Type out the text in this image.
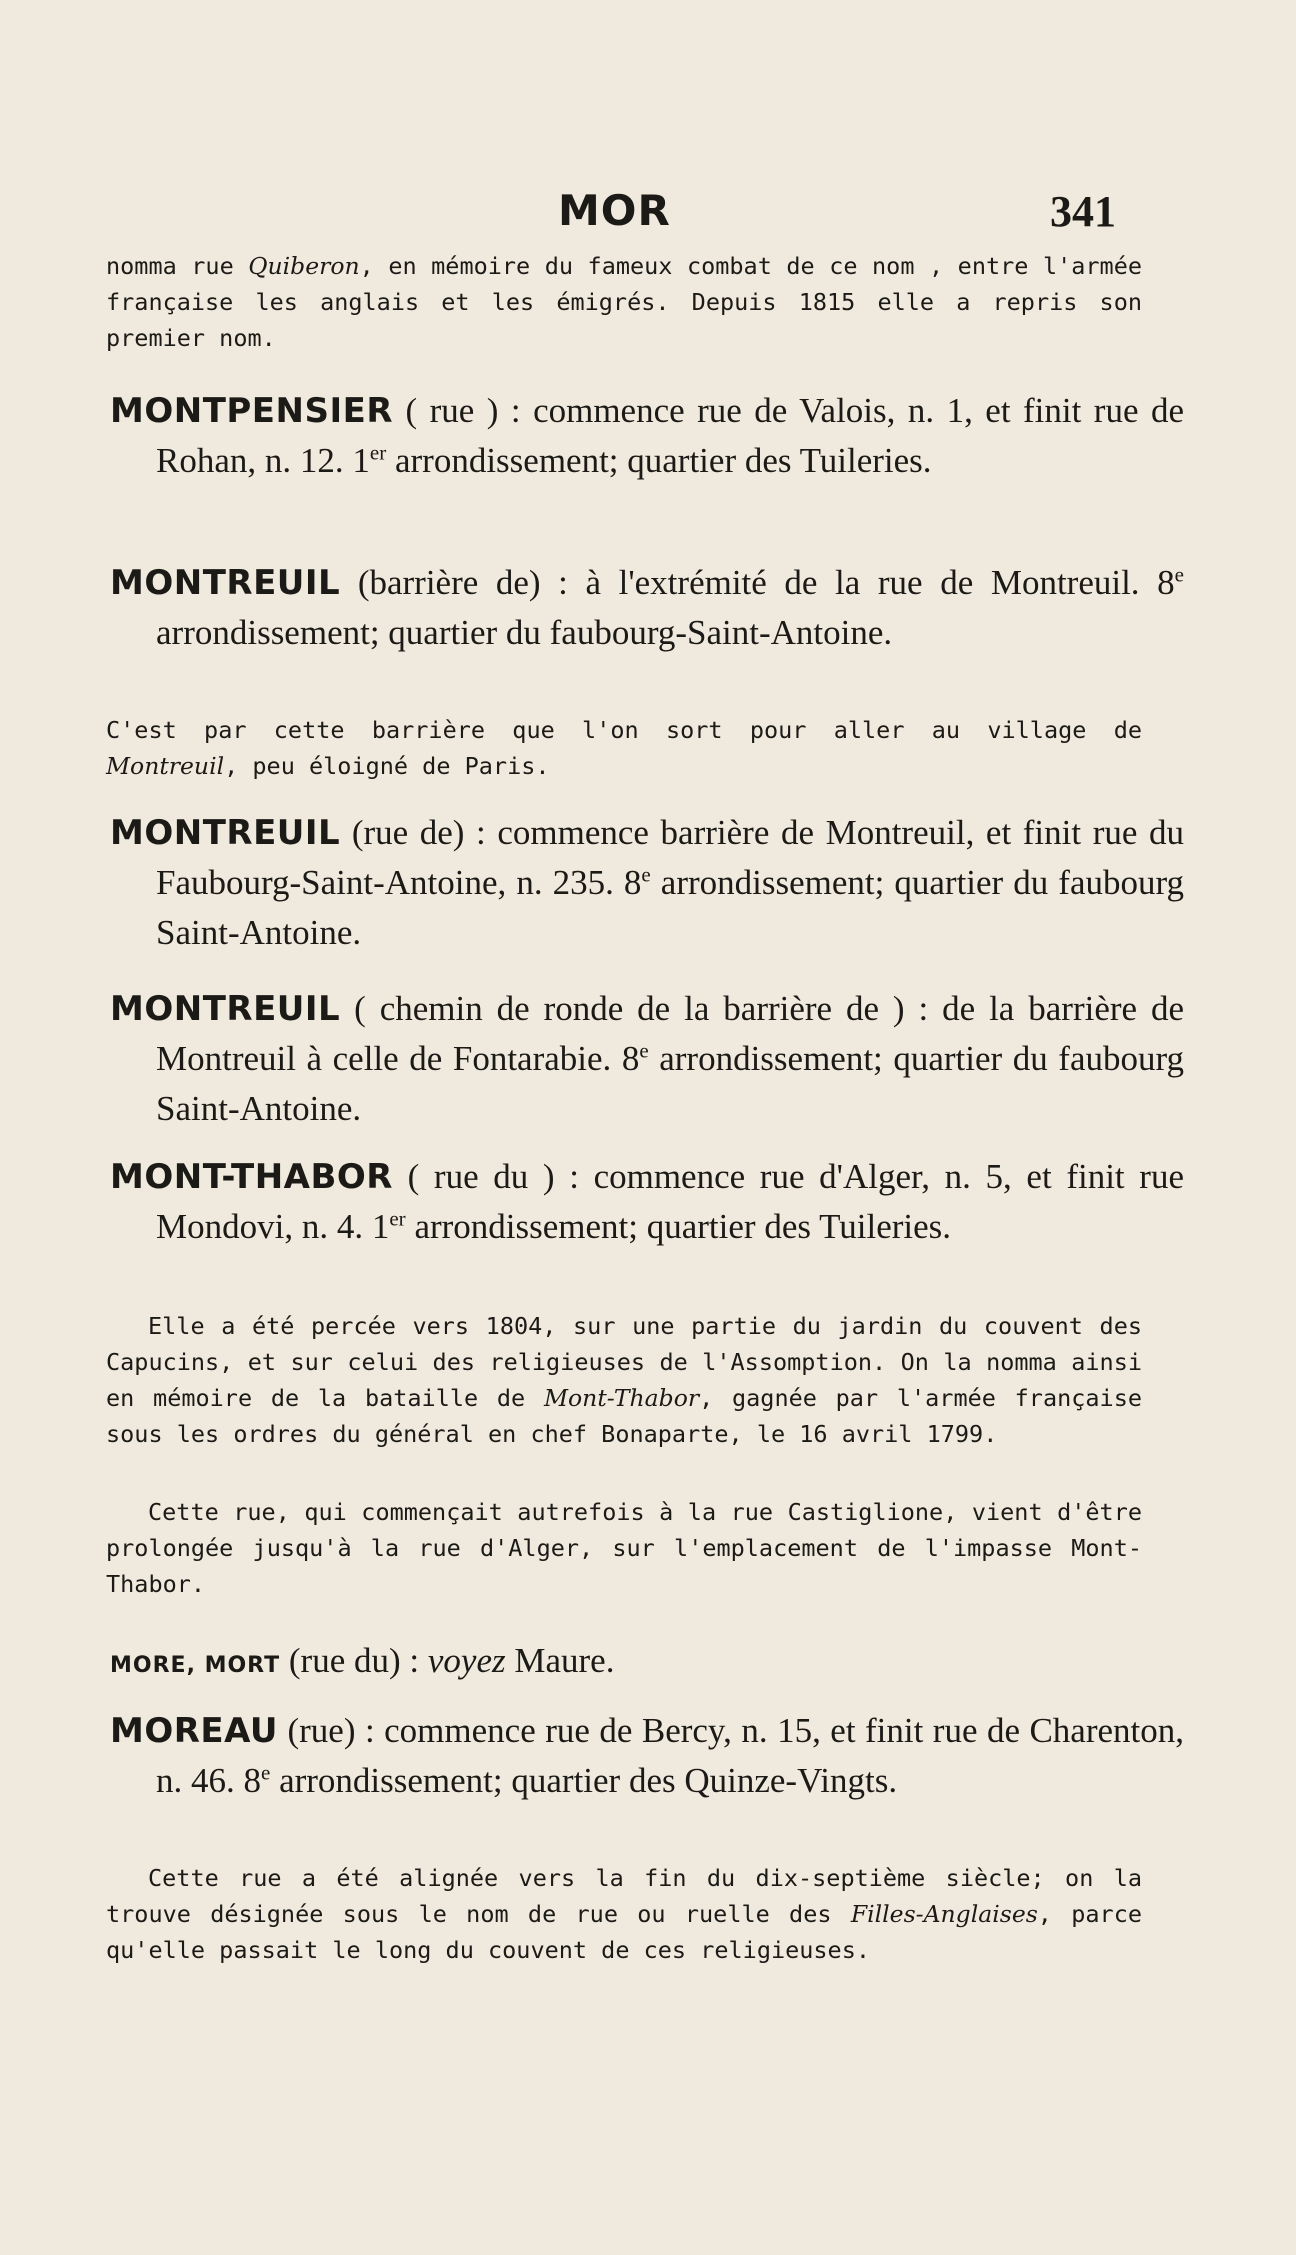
MOR	341

nomma rue Quiberon, en mémoire du fameux combat de ce nom , entre l'armée française les anglais et les émigrés. Depuis 1815 elle a repris son premier nom.

MONTPENSIER ( rue ) : commence rue de Valois, n. 1, et finit rue de Rohan, n. 12. 1er arrondissement; quartier des Tuileries.

MONTREUIL (barrière de) : à l'extrémité de la rue de Montreuil. 8e arrondissement; quartier du faubourg-Saint-Antoine.

C'est par cette barrière que l'on sort pour aller au village de Montreuil, peu éloigné de Paris.

MONTREUIL (rue de) : commence barrière de Montreuil, et finit rue du Faubourg-Saint-Antoine, n. 235. 8e arrondissement; quartier du faubourg Saint-Antoine.

MONTREUIL ( chemin de ronde de la barrière de ) : de la barrière de Montreuil à celle de Fontarabie. 8e arrondissement; quartier du faubourg Saint-Antoine.

MONT-THABOR ( rue du ) : commence rue d'Alger, n. 5, et finit rue Mondovi, n. 4. 1er arrondissement; quartier des Tuileries.

Elle a été percée vers 1804, sur une partie du jardin du couvent des Capucins, et sur celui des religieuses de l'Assomption. On la nomma ainsi en mémoire de la bataille de Mont-Thabor, gagnée par l'armée française sous les ordres du général en chef Bonaparte, le 16 avril 1799.

Cette rue, qui commençait autrefois à la rue Castiglione, vient d'être prolongée jusqu'à la rue d'Alger, sur l'emplacement de l'impasse Mont-Thabor.

MORE, MORT (rue du) : voyez Maure.

MOREAU (rue) : commence rue de Bercy, n. 15, et finit rue de Charenton, n. 46. 8e arrondissement; quartier des Quinze-Vingts.

Cette rue a été alignée vers la fin du dix-septième siècle; on la trouve désignée sous le nom de rue ou ruelle des Filles-Anglaises, parce qu'elle passait le long du couvent de ces religieuses.
